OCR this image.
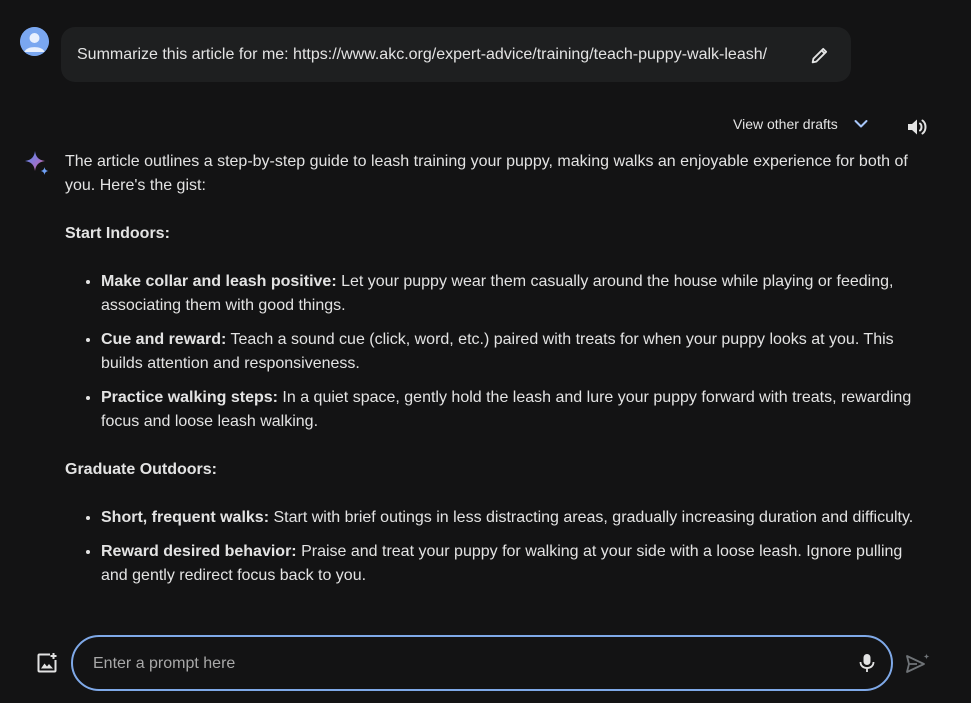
Summarize this article for me: https://www.akc.org/expert-advice/training/teach-puppy-walk-leash/
View other drafts

The article outlines a step-by-step guide to leash training your puppy, making walks an enjoyable experience for both of you. Here's the gist:

Start Indoors:

• Make collar and leash positive: Let your puppy wear them casually around the house while playing or feeding, associating them with good things.
• Cue and reward: Teach a sound cue (click, word, etc.) paired with treats for when your puppy looks at you. This builds attention and responsiveness.
• Practice walking steps: In a quiet space, gently hold the leash and lure your puppy forward with treats, rewarding focus and loose leash walking.

Graduate Outdoors:

• Short, frequent walks: Start with brief outings in less distracting areas, gradually increasing duration and difficulty.
• Reward desired behavior: Praise and treat your puppy for walking at your side with a loose leash. Ignore pulling and gently redirect focus back to you.
Enter a prompt here
